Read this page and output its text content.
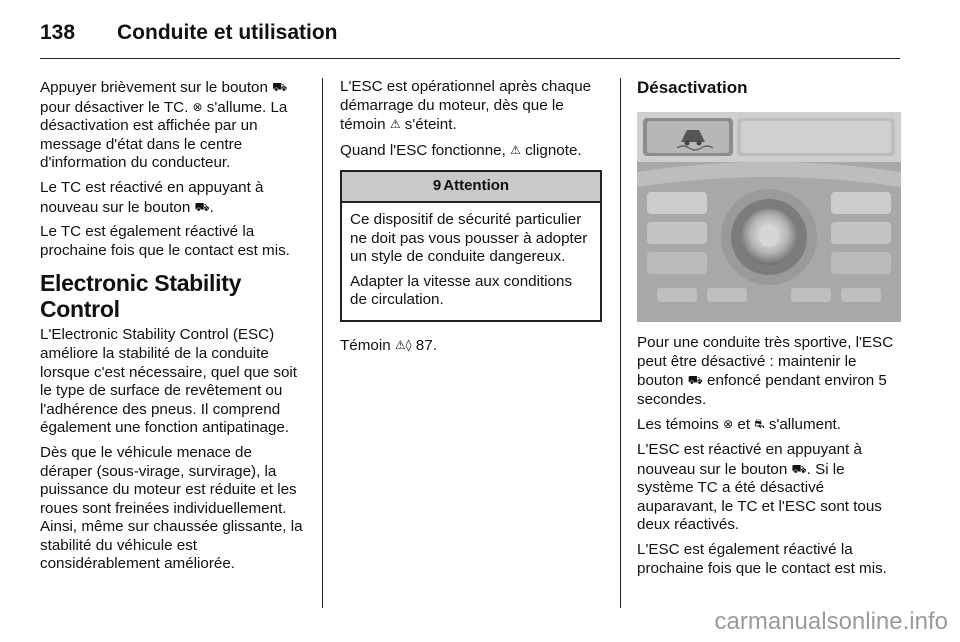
138 Conduite et utilisation

Appuyer brièvement sur le bouton ⛟ pour désactiver le TC. ⊗ s'allume. La désactivation est affichée par un message d'état dans le centre d'information du conducteur.

Le TC est réactivé en appuyant à nouveau sur le bouton ⛟.

Le TC est également réactivé la prochaine fois que le contact est mis.

Electronic Stability Control

L'Electronic Stability Control (ESC) améliore la stabilité de la conduite lorsque c'est nécessaire, quel que soit le type de surface de revêtement ou l'adhérence des pneus. Il comprend également une fonction antipatinage.

Dès que le véhicule menace de déraper (sous-virage, survirage), la puissance du moteur est réduite et les roues sont freinées individuellement. Ainsi, même sur chaussée glissante, la stabilité du véhicule est considérablement améliorée.

L'ESC est opérationnel après chaque démarrage du moteur, dès que le témoin ⚠ s'éteint.

Quand l'ESC fonctionne, ⚠ clignote.

9 Attention

Ce dispositif de sécurité particulier ne doit pas vous pousser à adopter un style de conduite dangereux.

Adapter la vitesse aux conditions de circulation.

Témoin ⚠◊ 87.

Désactivation

Pour une conduite très sportive, l'ESC peut être désactivé : maintenir le bouton ⛟ enfoncé pendant environ 5 secondes.

Les témoins ⊗ et ⛐ s'allument.

L'ESC est réactivé en appuyant à nouveau sur le bouton ⛟. Si le système TC a été désactivé auparavant, le TC et l'ESC sont tous deux réactivés.

L'ESC est également réactivé la prochaine fois que le contact est mis.

carmanualsonline.info
